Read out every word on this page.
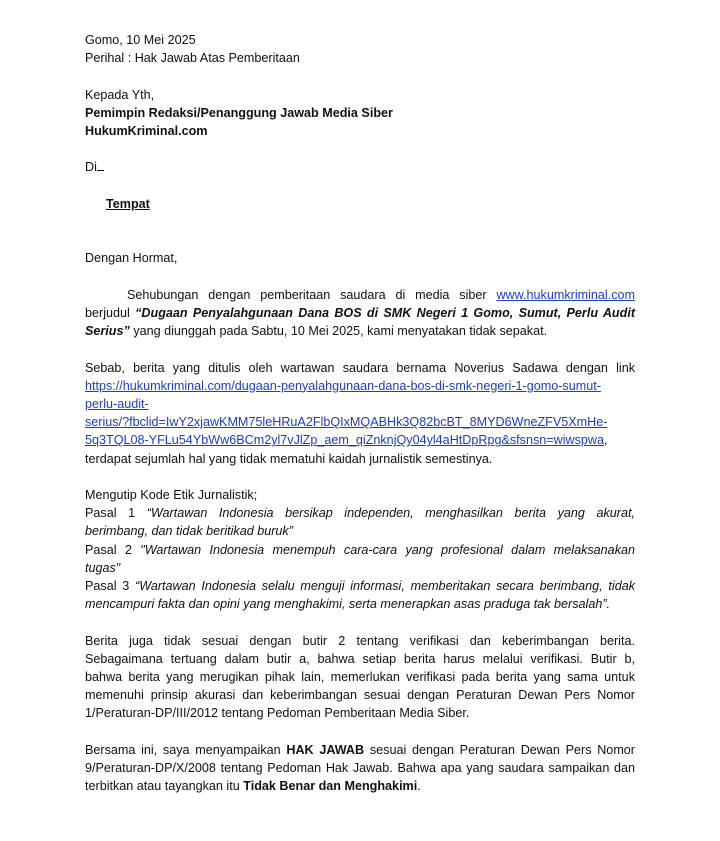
Gomo, 10 Mei 2025
Perihal : Hak Jawab Atas Pemberitaan
Kepada Yth,
Pemimpin Redaksi/Penanggung Jawab Media Siber
HukumKriminal.com
Di
Tempat
Dengan Hormat,
Sehubungan dengan pemberitaan saudara di media siber www.hukumkriminal.com
berjudul “Dugaan Penyalahgunaan Dana BOS di SMK Negeri 1 Gomo, Sumut, Perlu Audit
Serius” yang diunggah pada Sabtu, 10 Mei 2025, kami menyatakan tidak sepakat.
Sebab, berita yang ditulis oleh wartawan saudara bernama Noverius Sadawa dengan link
https://hukumkriminal.com/dugaan-penyalahgunaan-dana-bos-di-smk-negeri-1-gomo-sumut-
perlu-audit-
serius/?fbclid=IwY2xjawKMM75leHRuA2FlbQIxMQABHk3Q82bcBT_8MYD6WneZFV5XmHe-
5q3TQL08-YFLu54YbWw6BCm2yl7vJlZp_aem_qiZnknjQy04yl4aHtDpRpg&sfsnsn=wiwspwa,
terdapat sejumlah hal yang tidak mematuhi kaidah jurnalistik semestinya.
Mengutip Kode Etik Jurnalistik;
Pasal 1 “Wartawan Indonesia bersikap independen, menghasilkan berita yang akurat,
berimbang, dan tidak beritikad buruk”
Pasal 2 "Wartawan Indonesia menempuh cara-cara yang profesional dalam melaksanakan
tugas"
Pasal 3 “Wartawan Indonesia selalu menguji informasi, memberitakan secara berimbang, tidak
mencampuri fakta dan opini yang menghakimi, serta menerapkan asas praduga tak bersalah”.
Berita juga tidak sesuai dengan butir 2 tentang verifikasi dan keberimbangan berita.
Sebagaimana tertuang dalam butir a, bahwa setiap berita harus melalui verifikasi. Butir b,
bahwa berita yang merugikan pihak lain, memerlukan verifikasi pada berita yang sama untuk
memenuhi prinsip akurasi dan keberimbangan sesuai dengan Peraturan Dewan Pers Nomor
1/Peraturan-DP/III/2012 tentang Pedoman Pemberitaan Media Siber.
Bersama ini, saya menyampaikan HAK JAWAB sesuai dengan Peraturan Dewan Pers Nomor
9/Peraturan-DP/X/2008 tentang Pedoman Hak Jawab. Bahwa apa yang saudara sampaikan dan
terbitkan atau tayangkan itu Tidak Benar dan Menghakimi.
